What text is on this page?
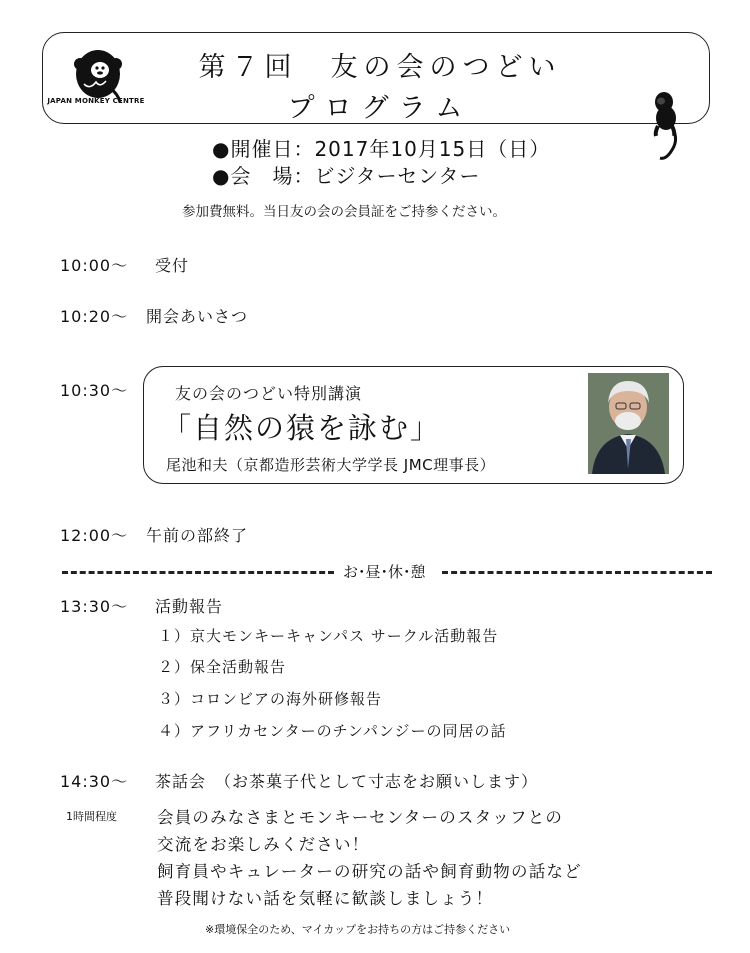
JAPAN MONKEY CENTRE
第７回　友の会のつどい
プログラム
●開催日：2017年10月15日（日）
●会　場：ビジターセンター
参加費無料。当日友の会の会員証をご持参ください。
10:00〜 受付
10:20〜 開会あいさつ
10:30〜	友の会のつどい特別講演
「自然の猿を詠む」
尾池和夫（京都造形芸術大学学長 JMC理事長）
12:00〜 午前の部終了
お･昼･休･憩
13:30〜 活動報告
１）京大モンキーキャンパス サークル活動報告
２）保全活動報告
３）コロンビアの海外研修報告
４）アフリカセンターのチンパンジーの同居の話
14:30〜 茶話会　（お茶菓子代として寸志をお願いします）
1時間程度 会員のみなさまとモンキーセンターのスタッフとの
交流をお楽しみください！
飼育員やキュレーターの研究の話や飼育動物の話など
普段聞けない話を気軽に歓談しましょう！
※環境保全のため、マイカップをお持ちの方はご持参ください
